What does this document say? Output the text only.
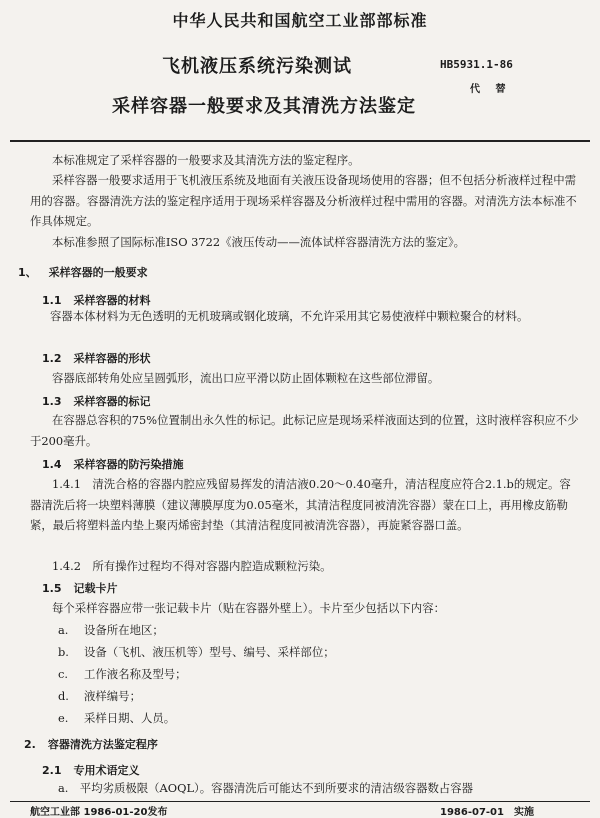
中华人民共和国航空工业部部标准
飞机液压系统污染测试
采样容器一般要求及其清洗方法鉴定
HB5931.1-86
代 替
本标准规定了采样容器的一般要求及其清洗方法的鉴定程序。
采样容器一般要求适用于飞机液压系统及地面有关液压设备现场使用的容器；但不包括分析液样过程中需用的容器。容器清洗方法的鉴定程序适用于现场采样容器及分析液样过程中需用的容器。对清洗方法本标准不作具体规定。
本标准参照了国际标准ISO 3722《液压传动——流体试样容器清洗方法的鉴定》。
1、 采样容器的一般要求
1.1 采样容器的材料
容器本体材料为无色透明的无机玻璃或钢化玻璃，不允许采用其它易使液样中颗粒聚合的材料。
1.2 采样容器的形状
容器底部转角处应呈圆弧形，流出口应平滑以防止固体颗粒在这些部位滞留。
1.3 采样容器的标记
在容器总容积的75%位置制出永久性的标记。此标记应是现场采样液面达到的位置，这时液样容积应不少于200毫升。
1.4 采样容器的防污染措施
1.4.1　清洗合格的容器内腔应残留易挥发的清洁液0.20～0.40毫升，清洁程度应符合2.1.b的规定。容器清洗后将一块塑料薄膜（建议薄膜厚度为0.05毫米，其清洁程度同被清洗容器）蒙在口上，再用橡皮筋勒紧，最后将塑料盖内垫上聚丙烯密封垫（其清洁程度同被清洗容器），再旋紧容器口盖。
1.4.2　所有操作过程均不得对容器内腔造成颗粒污染。
1.5 记载卡片
每个采样容器应带一张记载卡片（贴在容器外壁上）。卡片至少包括以下内容：
a. 设备所在地区；
b. 设备（飞机、液压机等）型号、编号、采样部位；
c. 工作液名称及型号；
d. 液样编号；
e. 采样日期、人员。
2. 容器清洗方法鉴定程序
2.1 专用术语定义
a.　平均劣质极限（AOQL）。容器清洗后可能达不到所要求的清洁级容器数占容器
航空工业部 1986-01-20发布	1986-07-01　实施
